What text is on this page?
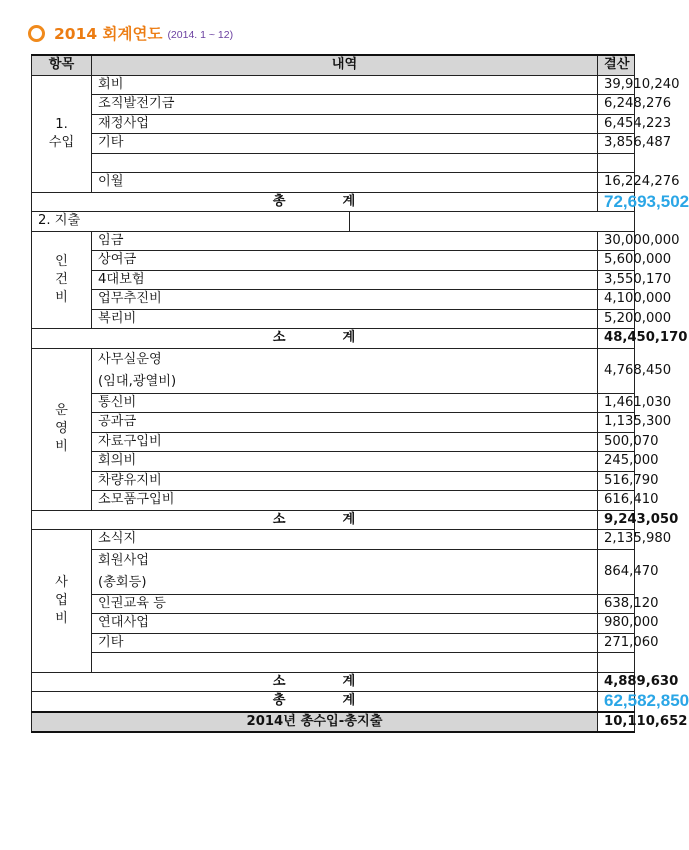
2014 회계연도 (2014. 1 ~ 12)
항목	내역		결산
1.
수입	회비		39,910,240
	조직발전기금		6,248,276
	재정사업		6,454,223
	기타		3,856,487

	이월		16,224,276
총 계			72,693,502
2. 지출			
인
건
비	임금		30,000,000
	상여금		5,600,000
	4대보험		3,550,170
	업무추진비		4,100,000
	복리비		5,200,000
소 계			48,450,170
운
영
비	사무실운영
(임대,광열비)		4,768,450
	통신비		1,461,030
	공과금		1,135,300
	자료구입비		500,070
	회의비		245,000
	차량유지비		516,790
	소모품구입비		616,410
소 계			9,243,050
사
업
비	소식지		2,135,980

	회원사업
(총회등)		864,470
	인권교육 등		638,120
	연대사업		980,000
	기타		271,060

소 계			4,889,630
총 계			62,582,850
2014년 총수입-총지출			10,110,652
